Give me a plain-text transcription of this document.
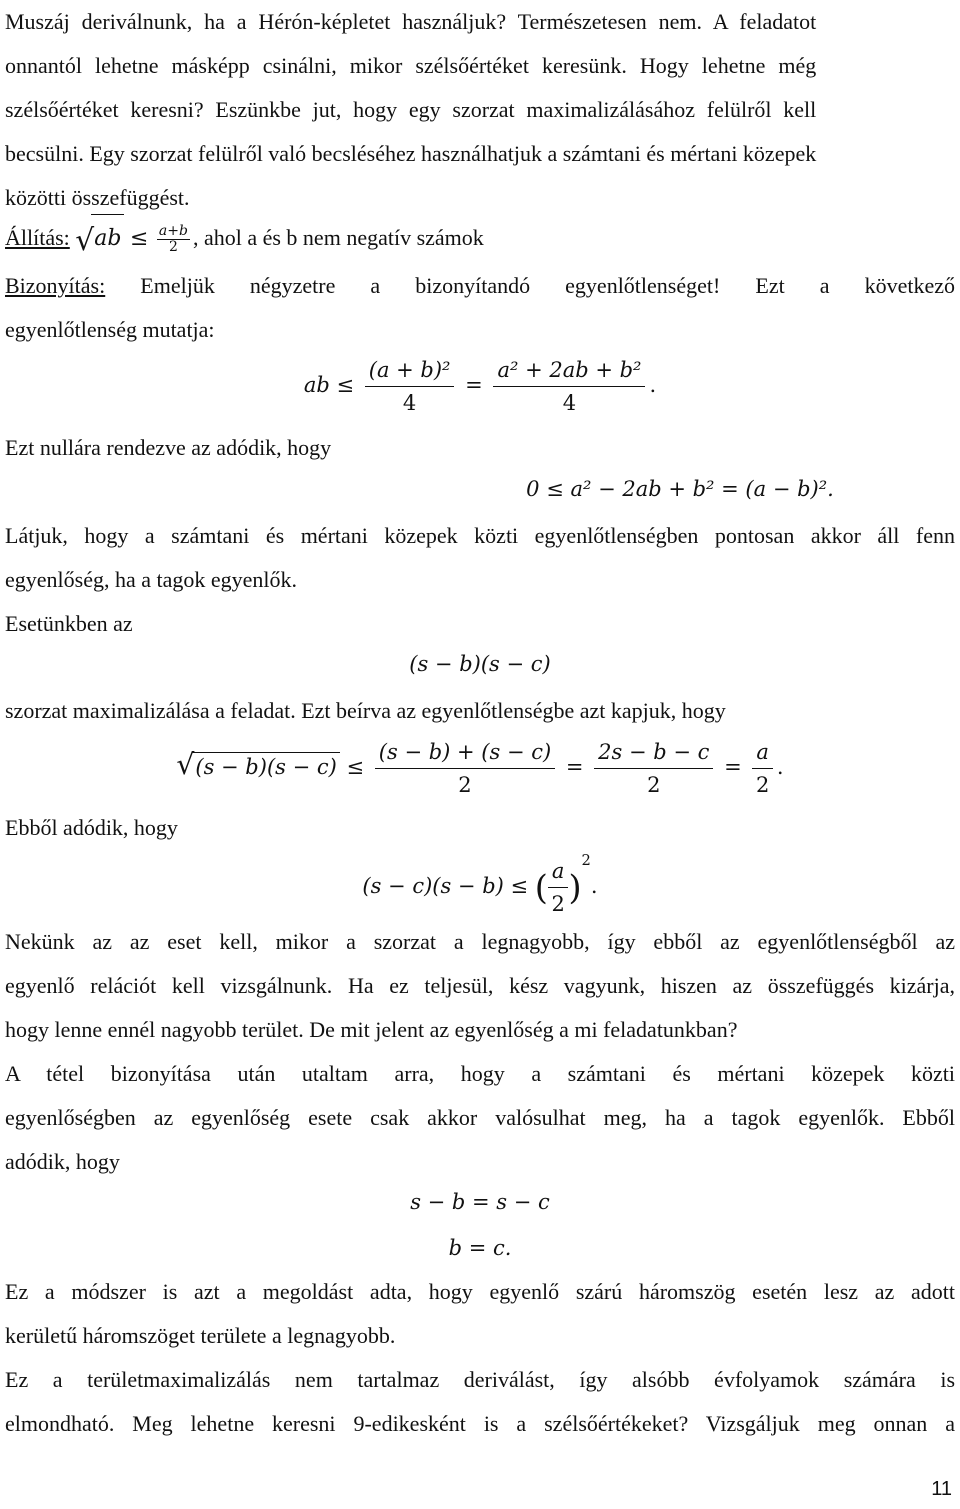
Muszáj deriválnunk, ha a Hérón-képletet használjuk? Természetesen nem. A feladatot

onnantól lehetne másképp csinálni, mikor szélsőértéket keresünk. Hogy lehetne még

szélsőértéket keresni? Eszünkbe jut, hogy egy szorzat maximalizálásához felülről kell

becsülni. Egy szorzat felülről való becsléséhez használhatjuk a számtani és mértani közepek

közötti összefüggést.

Állítás: √ ab ≤ $\frac{a+b}{2}$ , ahol a és b nem negatív számok

Bizonyítás: Emeljük négyzetre a bizonyítandó egyenlőtlenséget! Ezt a következő

egyenlőtlenség mutatja:

ab ≤ $\frac{\text{(a + b)²}}{4} = \frac{\text{a² + 2ab + b²}}{4}$ .

Ezt nullára rendezve az adódik, hogy

0 ≤ a² − 2ab + b² = (a − b)².

Látjuk, hogy a számtani és mértani közepek közti egyenlőtlenségben pontosan akkor áll fenn

egyenlőség, ha a tagok egyenlők.

Esetünkben az

(s − b)(s − c)

szorzat maximalizálása a feladat. Ezt beírva az egyenlőtlenségbe azt kapjuk, hogy

√ $(s - b)(s - c) \le \frac{(s - b) + (s - c)}{2} = \frac{2s - b - c}{2} = \frac{a}{2}$ .

Ebből adódik, hogy

(s − c)(s − b) ≤ ( $\frac{a}{2} )^2$.

Nekünk az az eset kell, mikor a szorzat a legnagyobb, így ebből az egyenlőtlenségből az

egyenlő relációt kell vizsgálnunk. Ha ez teljesül, kész vagyunk, hiszen az összefüggés kizárja,

hogy lenne ennél nagyobb terület. De mit jelent az egyenlőség a mi feladatunkban?

A tétel bizonyítása után utaltam arra, hogy a számtani és mértani közepek közti

egyenlőségben az egyenlőség esete csak akkor valósulhat meg, ha a tagok egyenlők. Ebből

adódik, hogy

s − b = s − c
b = c.

Ez a módszer is azt a megoldást adta, hogy egyenlő szárú háromszög esetén lesz az adott

kerületű háromszöget területe a legnagyobb.

Ez a területmaximalizálás nem tartalmaz deriválást, így alsóbb évfolyamok számára is

elmondható. Meg lehetne keresni 9-edikesként is a szélsőértékeket? Vizsgáljuk meg onnan a

11
